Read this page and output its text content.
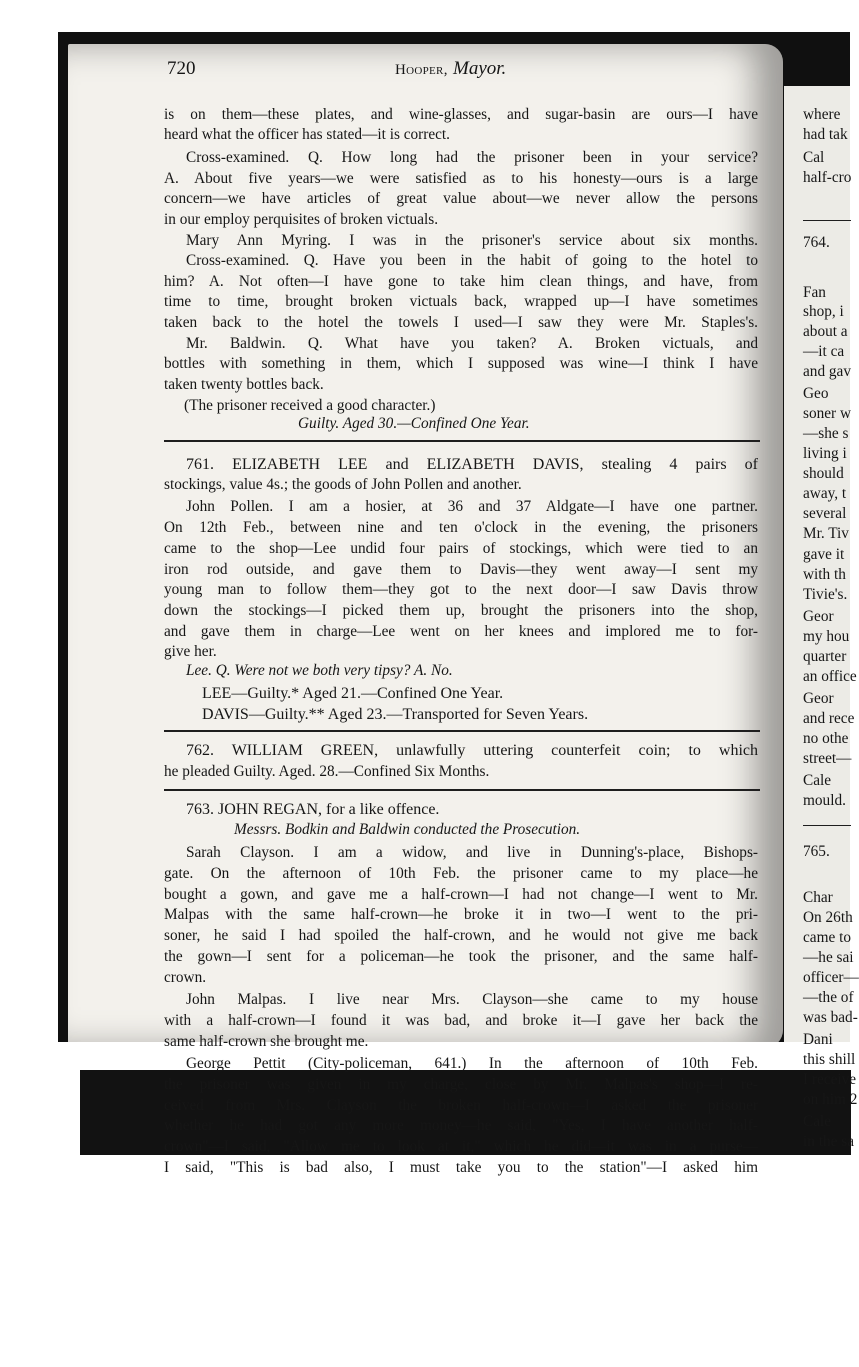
720	Hooper, Mayor.
is on them—these plates, and wine-glasses, and sugar-basin are ours—I have
heard what the officer has stated—it is correct.
Cross-examined. Q. How long had the prisoner been in your service?
A. About five years—we were satisfied as to his honesty—ours is a large
concern—we have articles of great value about—we never allow the persons
in our employ perquisites of broken victuals.
Mary Ann Myring. I was in the prisoner's service about six months.
Cross-examined. Q. Have you been in the habit of going to the hotel to
him? A. Not often—I have gone to take him clean things, and have, from
time to time, brought broken victuals back, wrapped up—I have sometimes
taken back to the hotel the towels I used—I saw they were Mr. Staples's.
Mr. Baldwin. Q. What have you taken? A. Broken victuals, and
bottles with something in them, which I supposed was wine—I think I have
taken twenty bottles back.
(The prisoner received a good character.)
Guilty. Aged 30.—Confined One Year.
761. ELIZABETH LEE and ELIZABETH DAVIS, stealing 4 pairs of
stockings, value 4s.; the goods of John Pollen and another.
John Pollen. I am a hosier, at 36 and 37 Aldgate—I have one partner.
On 12th Feb., between nine and ten o'clock in the evening, the prisoners
came to the shop—Lee undid four pairs of stockings, which were tied to an
iron rod outside, and gave them to Davis—they went away—I sent my
young man to follow them—they got to the next door—I saw Davis throw
down the stockings—I picked them up, brought the prisoners into the shop,
and gave them in charge—Lee went on her knees and implored me to for-
give her.
Lee. Q. Were not we both very tipsy? A. No.
LEE—Guilty.* Aged 21.—Confined One Year.
DAVIS—Guilty.** Aged 23.—Transported for Seven Years.
762. WILLIAM GREEN, unlawfully uttering counterfeit coin; to which
he pleaded Guilty. Aged. 28.—Confined Six Months.
763. JOHN REGAN, for a like offence.
Messrs. Bodkin and Baldwin conducted the Prosecution.
Sarah Clayson. I am a widow, and live in Dunning's-place, Bishops-
gate. On the afternoon of 10th Feb. the prisoner came to my place—he
bought a gown, and gave me a half-crown—I had not change—I went to Mr.
Malpas with the same half-crown—he broke it in two—I went to the pri-
soner, he said I had spoiled the half-crown, and he would not give me back
the gown—I sent for a policeman—he took the prisoner, and the same half-
crown.
John Malpas. I live near Mrs. Clayson—she came to my house
with a half-crown—I found it was bad, and broke it—I gave her back the
same half-crown she brought me.
George Pettit (City-policeman, 641.) In the afternoon of 10th Feb.
the prisoner was given in my charge, close by Mr. Malpas's shop—I re-
ceived from Mrs. Clayson the broken half-crown—I asked the prisoner
whether he had got any more money—he said, "Yes, I have another half-
crown"—I said, "Allow me to look at it," which he did—it was in a purse—
I said, "This is bad also, I must take you to the station"—I asked him
where
had tak
Cal
half-cro
764.
Fan
shop, i
about a
—it ca
and gav
Geo
soner w
—she s
living i
should
away, t
several
Mr. Tiv
gave it
with th
Tivie's.
Geor
my hou
quarter
an office
Geor
and rece
no othe
street—
Cale
mould.
765.
Char
On 26th
came to
—he sai
officer—
—the of
was bad-
Dani
this shill
I receive
on him 2
Cale
in the sa
